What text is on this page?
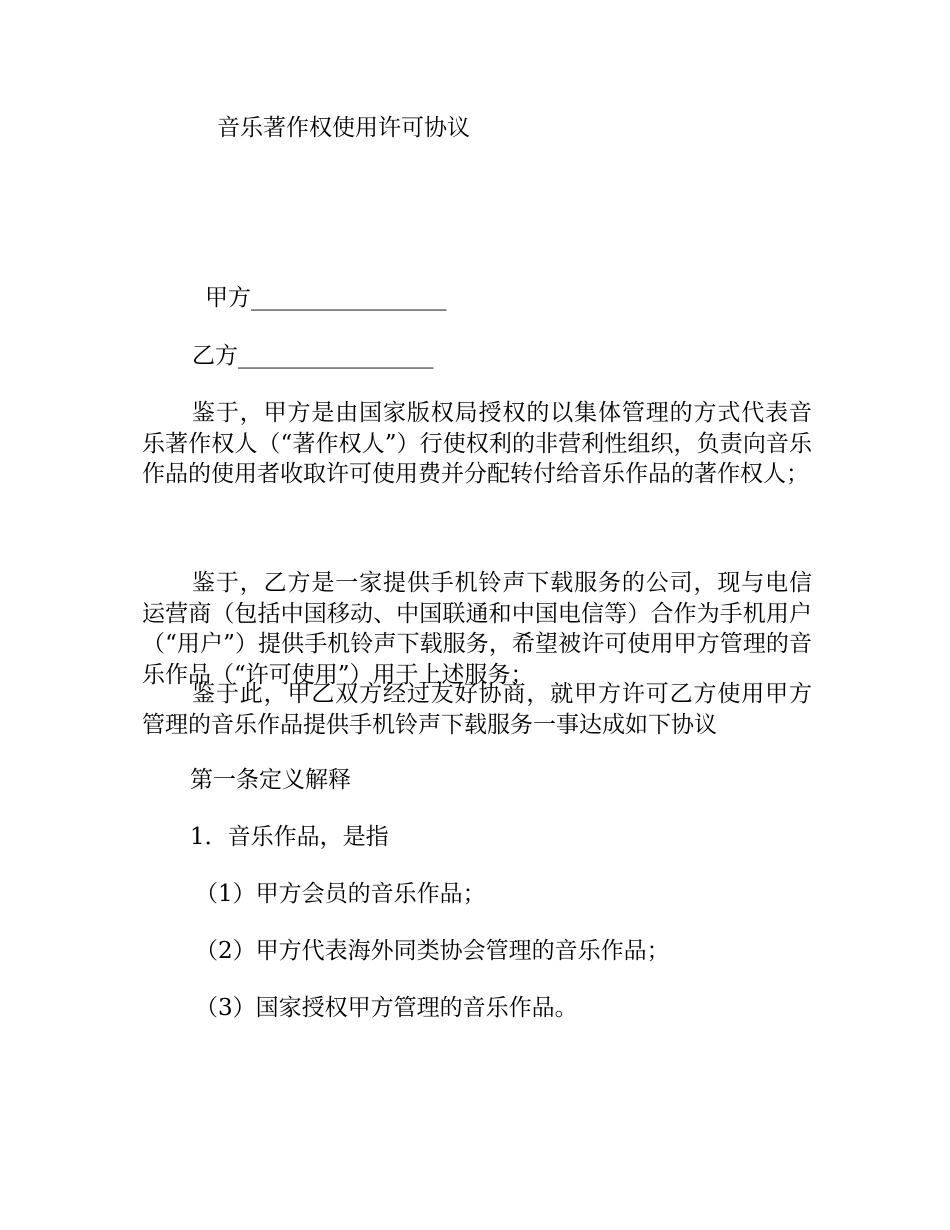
音乐著作权使用许可协议
甲方_________________
乙方_________________
鉴于，甲方是由国家版权局授权的以集体管理的方式代表音乐著作权人（“著作权人”）行使权利的非营利性组织，负责向音乐作品的使用者收取许可使用费并分配转付给音乐作品的著作权人；
鉴于，乙方是一家提供手机铃声下载服务的公司，现与电信运营商（包括中国移动、中国联通和中国电信等）合作为手机用户（“用户”）提供手机铃声下载服务，希望被许可使用甲方管理的音乐作品（“许可使用”）用于上述服务；
鉴于此，甲乙双方经过友好协商，就甲方许可乙方使用甲方管理的音乐作品提供手机铃声下载服务一事达成如下协议
第一条定义解释
1．音乐作品，是指
（1）甲方会员的音乐作品；
（2）甲方代表海外同类协会管理的音乐作品；
（3）国家授权甲方管理的音乐作品。
